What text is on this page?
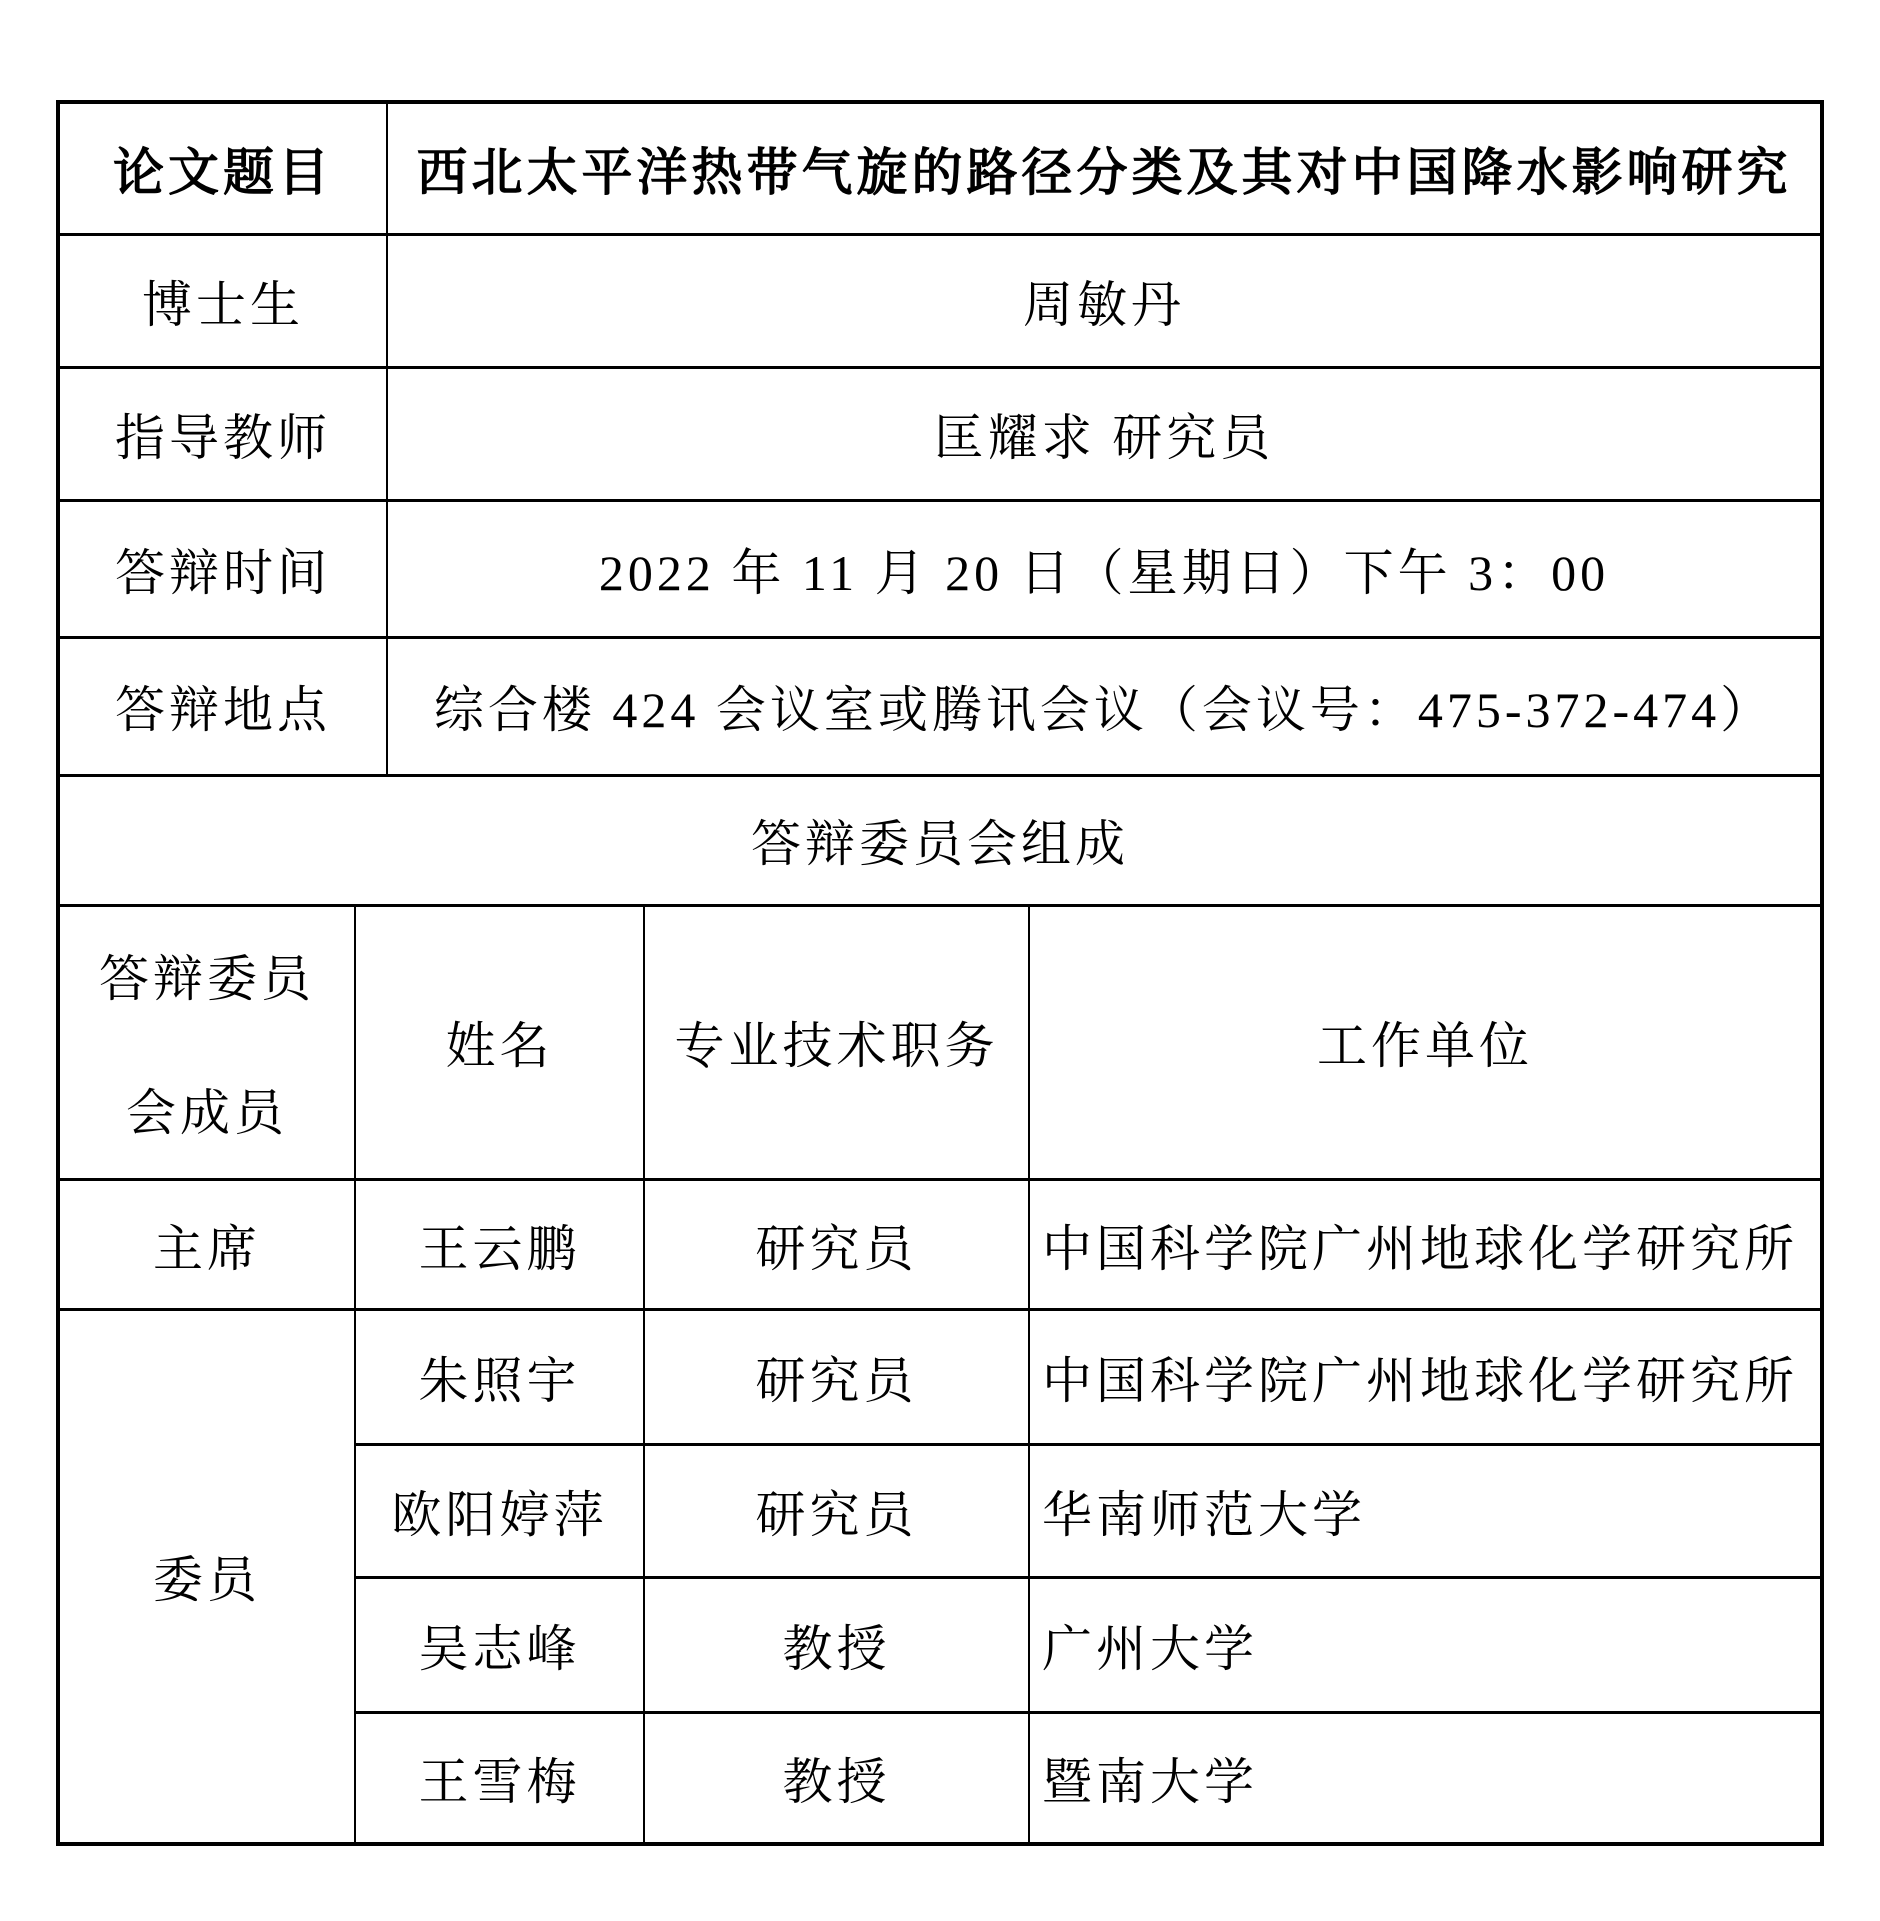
论文题目	西北太平洋热带气旋的路径分类及其对中国降水影响研究
博士生	周敏丹
指导教师	匡耀求 研究员
答辩时间	2022 年 11 月 20 日（星期日）下午 3：00
答辩地点	综合楼 424 会议室或腾讯会议（会议号：475-372-474）
答辩委员会组成	
答辩委员
会成员	姓名	专业技术职务	工作单位
主席	王云鹏	研究员	中国科学院广州地球化学研究所
委员	朱照宇	研究员	中国科学院广州地球化学研究所
	欧阳婷萍	研究员	华南师范大学
	吴志峰	教授	广州大学
	王雪梅	教授	暨南大学
